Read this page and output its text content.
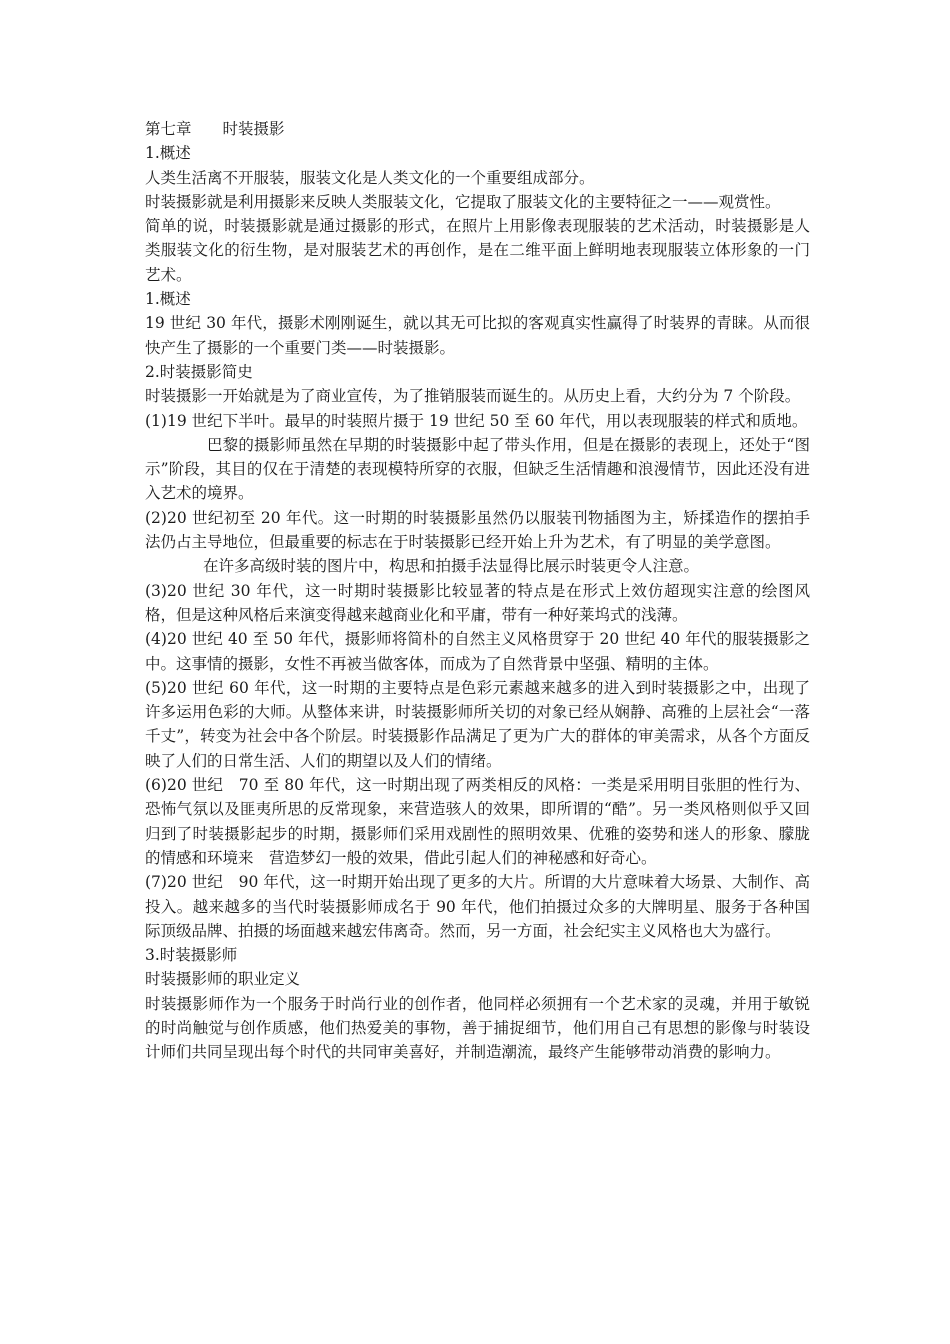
第七章　　时装摄影

1.概述

人类生活离不开服装，服装文化是人类文化的一个重要组成部分。

时装摄影就是利用摄影来反映人类服装文化，它提取了服装文化的主要特征之一——观赏性。

简单的说，时装摄影就是通过摄影的形式，在照片上用影像表现服装的艺术活动，时装摄影是人类服装文化的衍生物，是对服装艺术的再创作，是在二维平面上鲜明地表现服装立体形象的一门艺术。

1.概述

19 世纪 30 年代，摄影术刚刚诞生，就以其无可比拟的客观真实性赢得了时装界的青睐。从而很快产生了摄影的一个重要门类——时装摄影。

2.时装摄影简史

时装摄影一开始就是为了商业宣传，为了推销服装而诞生的。从历史上看，大约分为 7 个阶段。

(1)19 世纪下半叶。最早的时装照片摄于 19 世纪 50 至 60 年代，用以表现服装的样式和质地。

巴黎的摄影师虽然在早期的时装摄影中起了带头作用，但是在摄影的表现上，还处于“图示”阶段，其目的仅在于清楚的表现模特所穿的衣服，但缺乏生活情趣和浪漫情节，因此还没有进入艺术的境界。

(2)20 世纪初至 20 年代。这一时期的时装摄影虽然仍以服装刊物插图为主，矫揉造作的摆拍手法仍占主导地位，但最重要的标志在于时装摄影已经开始上升为艺术，有了明显的美学意图。

在许多高级时装的图片中，构思和拍摄手法显得比展示时装更令人注意。

(3)20 世纪 30 年代，这一时期时装摄影比较显著的特点是在形式上效仿超现实注意的绘图风格，但是这种风格后来演变得越来越商业化和平庸，带有一种好莱坞式的浅薄。

(4)20 世纪 40 至 50 年代，摄影师将简朴的自然主义风格贯穿于 20 世纪 40 年代的服装摄影之中。这事情的摄影，女性不再被当做客体，而成为了自然背景中坚强、精明的主体。

(5)20 世纪 60 年代，这一时期的主要特点是色彩元素越来越多的进入到时装摄影之中，出现了许多运用色彩的大师。从整体来讲，时装摄影师所关切的对象已经从娴静、高雅的上层社会“一落千丈”，转变为社会中各个阶层。时装摄影作品满足了更为广大的群体的审美需求，从各个方面反映了人们的日常生活、人们的期望以及人们的情绪。

(6)20 世纪　70 至 80 年代，这一时期出现了两类相反的风格：一类是采用明目张胆的性行为、恐怖气氛以及匪夷所思的反常现象，来营造骇人的效果，即所谓的“酷”。另一类风格则似乎又回归到了时装摄影起步的时期，摄影师们采用戏剧性的照明效果、优雅的姿势和迷人的形象、朦胧的情感和环境来　营造梦幻一般的效果，借此引起人们的神秘感和好奇心。

(7)20 世纪　90 年代，这一时期开始出现了更多的大片。所谓的大片意味着大场景、大制作、高投入。越来越多的当代时装摄影师成名于 90 年代，他们拍摄过众多的大牌明星、服务于各种国际顶级品牌、拍摄的场面越来越宏伟离奇。然而，另一方面，社会纪实主义风格也大为盛行。

3.时装摄影师

时装摄影师的职业定义

时装摄影师作为一个服务于时尚行业的创作者，他同样必须拥有一个艺术家的灵魂，并用于敏锐的时尚触觉与创作质感，他们热爱美的事物，善于捕捉细节，他们用自己有思想的影像与时装设计师们共同呈现出每个时代的共同审美喜好，并制造潮流，最终产生能够带动消费的影响力。
